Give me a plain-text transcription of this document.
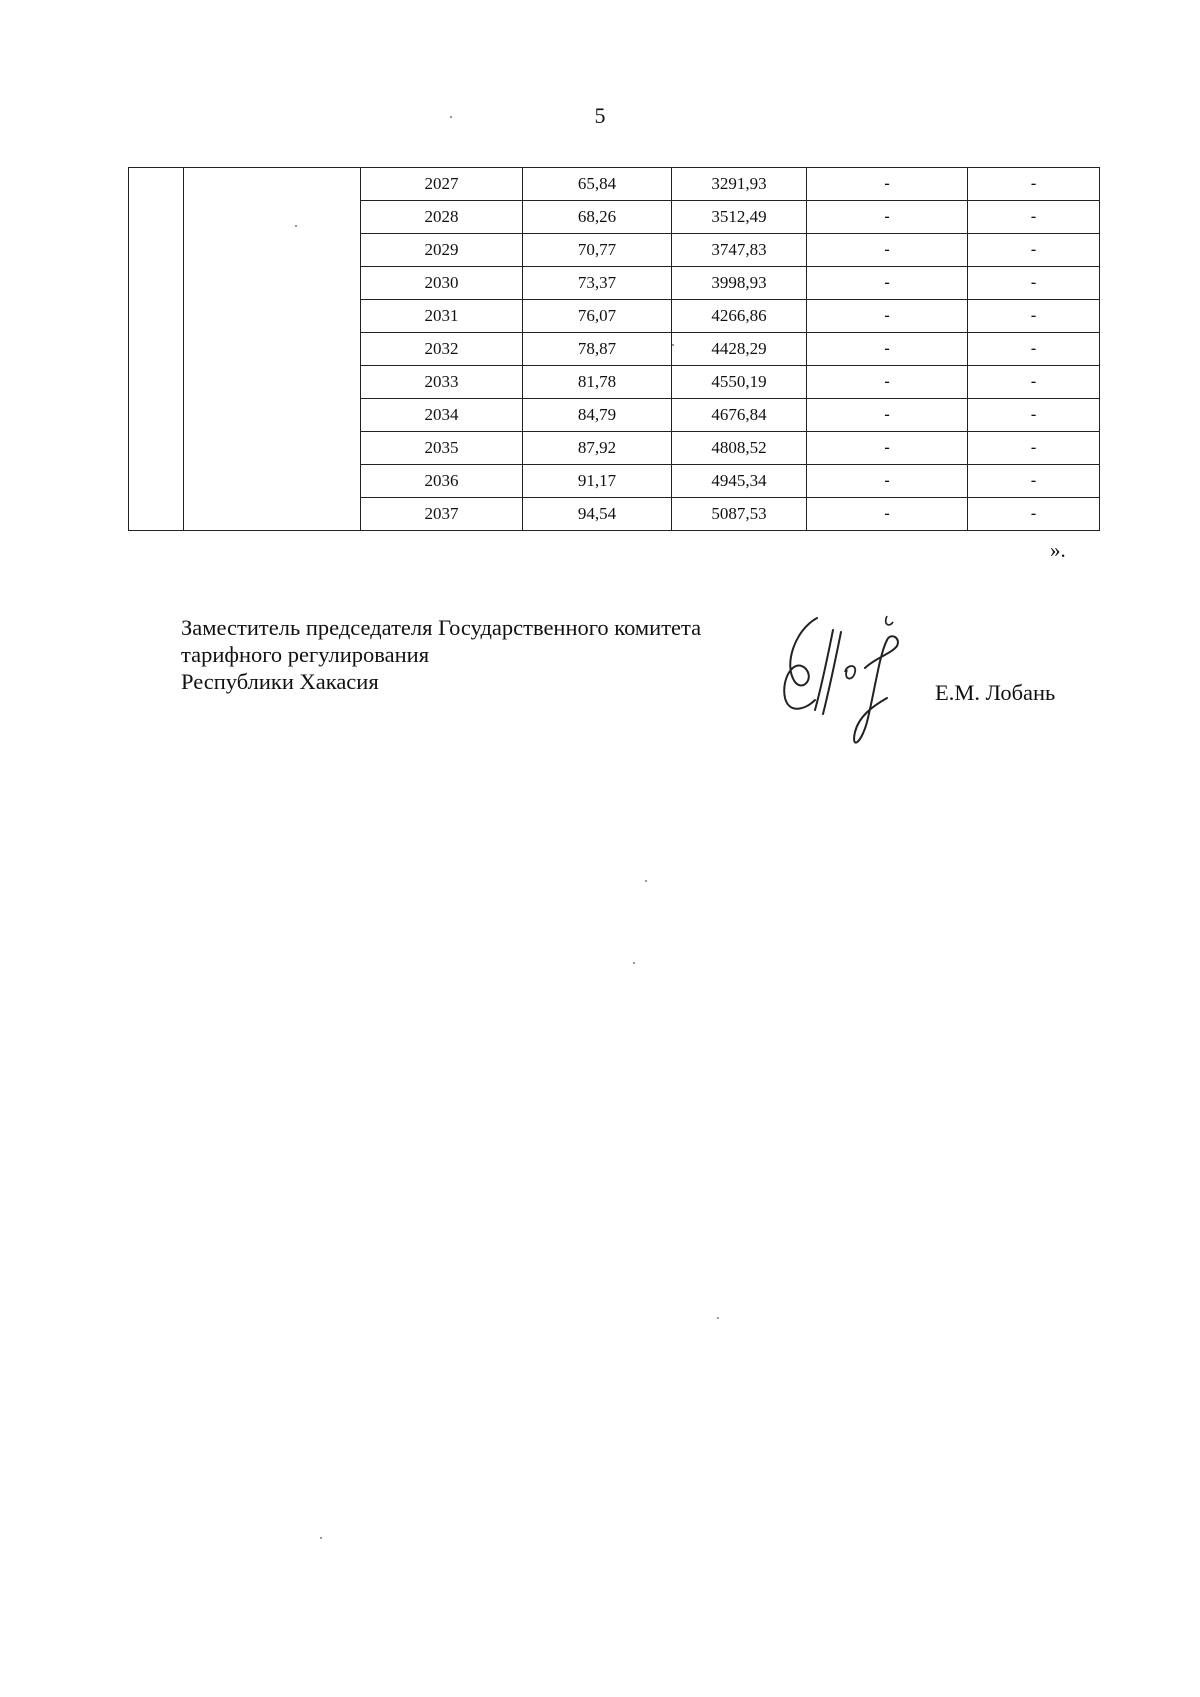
5
		2027	65,84	3291,93	-	-
		2028	68,26	3512,49	-	-
		2029	70,77	3747,83	-	-
		2030	73,37	3998,93	-	-
		2031	76,07	4266,86	-	-
		2032	78,87	4428,29	-	-
		2033	81,78	4550,19	-	-
		2034	84,79	4676,84	-	-
		2035	87,92	4808,52	-	-
		2036	91,17	4945,34	-	-
		2037	94,54	5087,53	-	-
».
Заместитель председателя Государственного комитета
тарифного регулирования
Республики Хакасия	Е.М. Лобань
